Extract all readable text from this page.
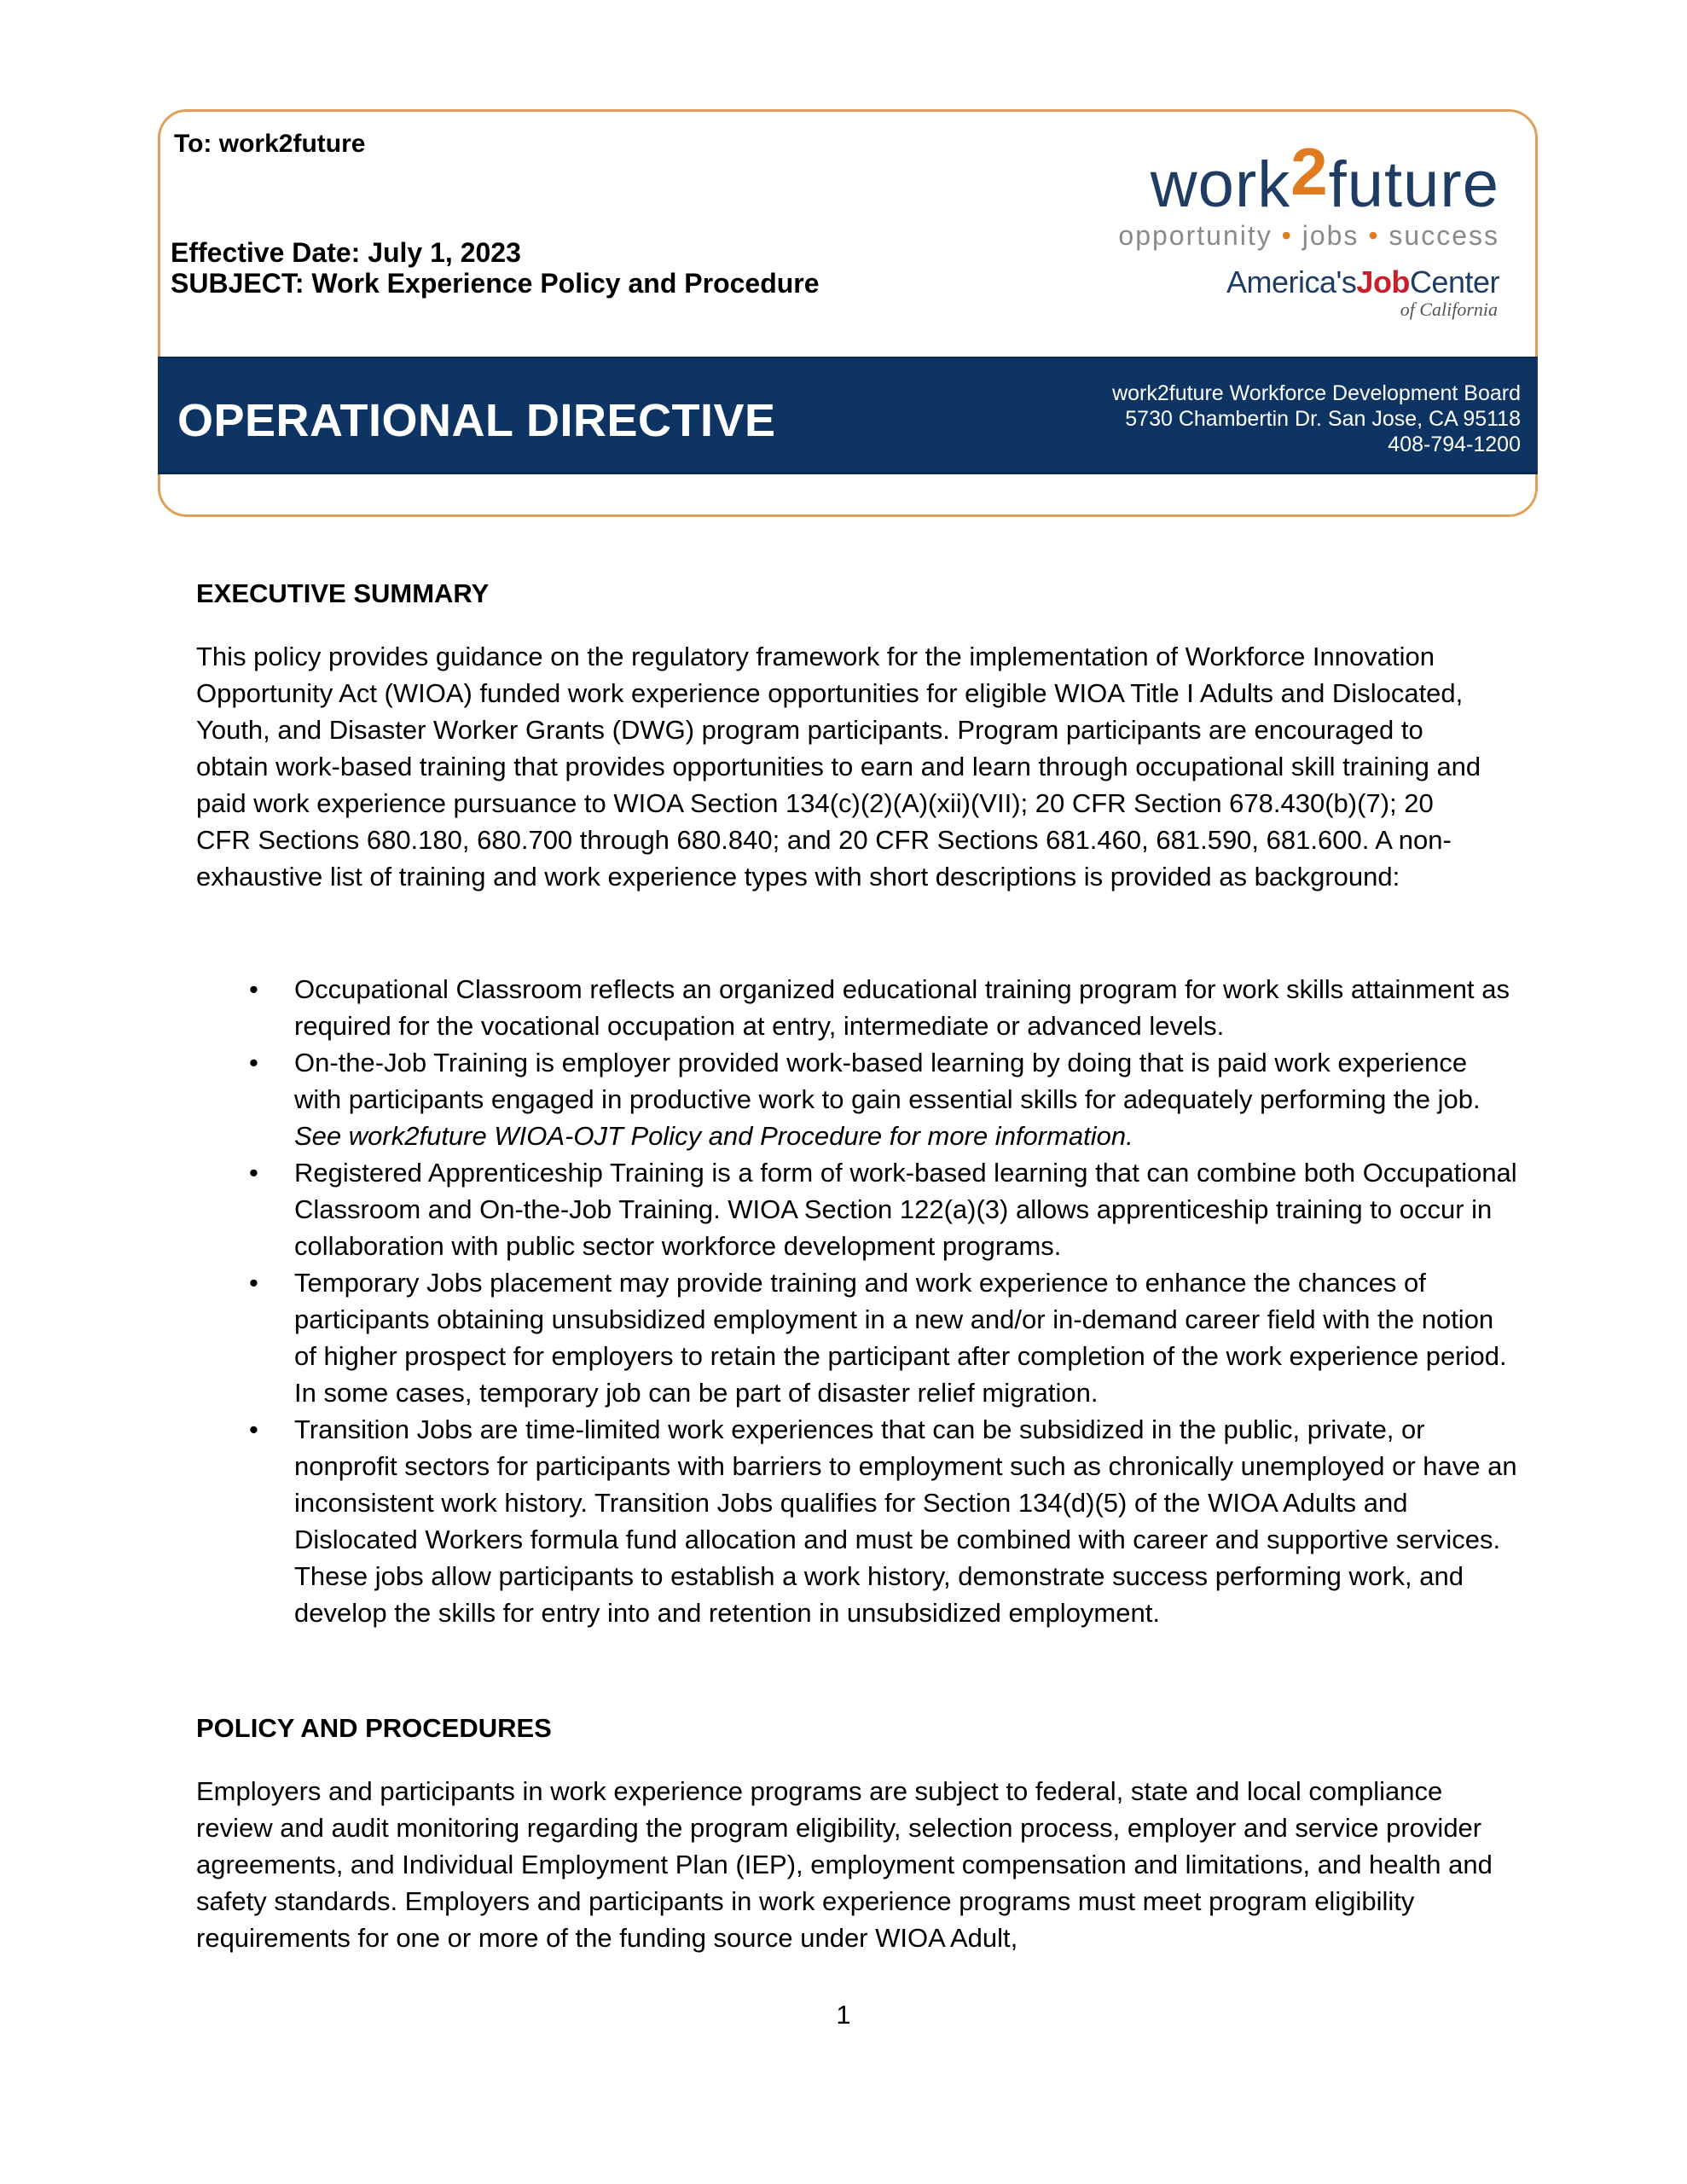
To: work2future
Effective Date: July 1, 2023
SUBJECT: Work Experience Policy and Procedure
work2future
opportunity • jobs • success
America'sJobCenter
of California
OPERATIONAL DIRECTIVE
work2future Workforce Development Board
5730 Chambertin Dr. San Jose, CA 95118
408-794-1200
EXECUTIVE SUMMARY
This policy provides guidance on the regulatory framework for the implementation of Workforce Innovation Opportunity Act (WIOA) funded work experience opportunities for eligible WIOA Title I Adults and Dislocated, Youth, and Disaster Worker Grants (DWG) program participants. Program participants are encouraged to obtain work-based training that provides opportunities to earn and learn through occupational skill training and paid work experience pursuance to WIOA Section 134(c)(2)(A)(xii)(VII); 20 CFR Section 678.430(b)(7); 20 CFR Sections 680.180, 680.700 through 680.840; and 20 CFR Sections 681.460, 681.590, 681.600. A non-exhaustive list of training and work experience types with short descriptions is provided as background:
• Occupational Classroom reflects an organized educational training program for work skills attainment as required for the vocational occupation at entry, intermediate or advanced levels.
• On-the-Job Training is employer provided work-based learning by doing that is paid work experience with participants engaged in productive work to gain essential skills for adequately performing the job. See work2future WIOA-OJT Policy and Procedure for more information.
• Registered Apprenticeship Training is a form of work-based learning that can combine both Occupational Classroom and On-the-Job Training. WIOA Section 122(a)(3) allows apprenticeship training to occur in collaboration with public sector workforce development programs.
• Temporary Jobs placement may provide training and work experience to enhance the chances of participants obtaining unsubsidized employment in a new and/or in-demand career field with the notion of higher prospect for employers to retain the participant after completion of the work experience period. In some cases, temporary job can be part of disaster relief migration.
• Transition Jobs are time-limited work experiences that can be subsidized in the public, private, or nonprofit sectors for participants with barriers to employment such as chronically unemployed or have an inconsistent work history. Transition Jobs qualifies for Section 134(d)(5) of the WIOA Adults and Dislocated Workers formula fund allocation and must be combined with career and supportive services. These jobs allow participants to establish a work history, demonstrate success performing work, and develop the skills for entry into and retention in unsubsidized employment.
POLICY AND PROCEDURES
Employers and participants in work experience programs are subject to federal, state and local compliance review and audit monitoring regarding the program eligibility, selection process, employer and service provider agreements, and Individual Employment Plan (IEP), employment compensation and limitations, and health and safety standards. Employers and participants in work experience programs must meet program eligibility requirements for one or more of the funding source under WIOA Adult,
1
